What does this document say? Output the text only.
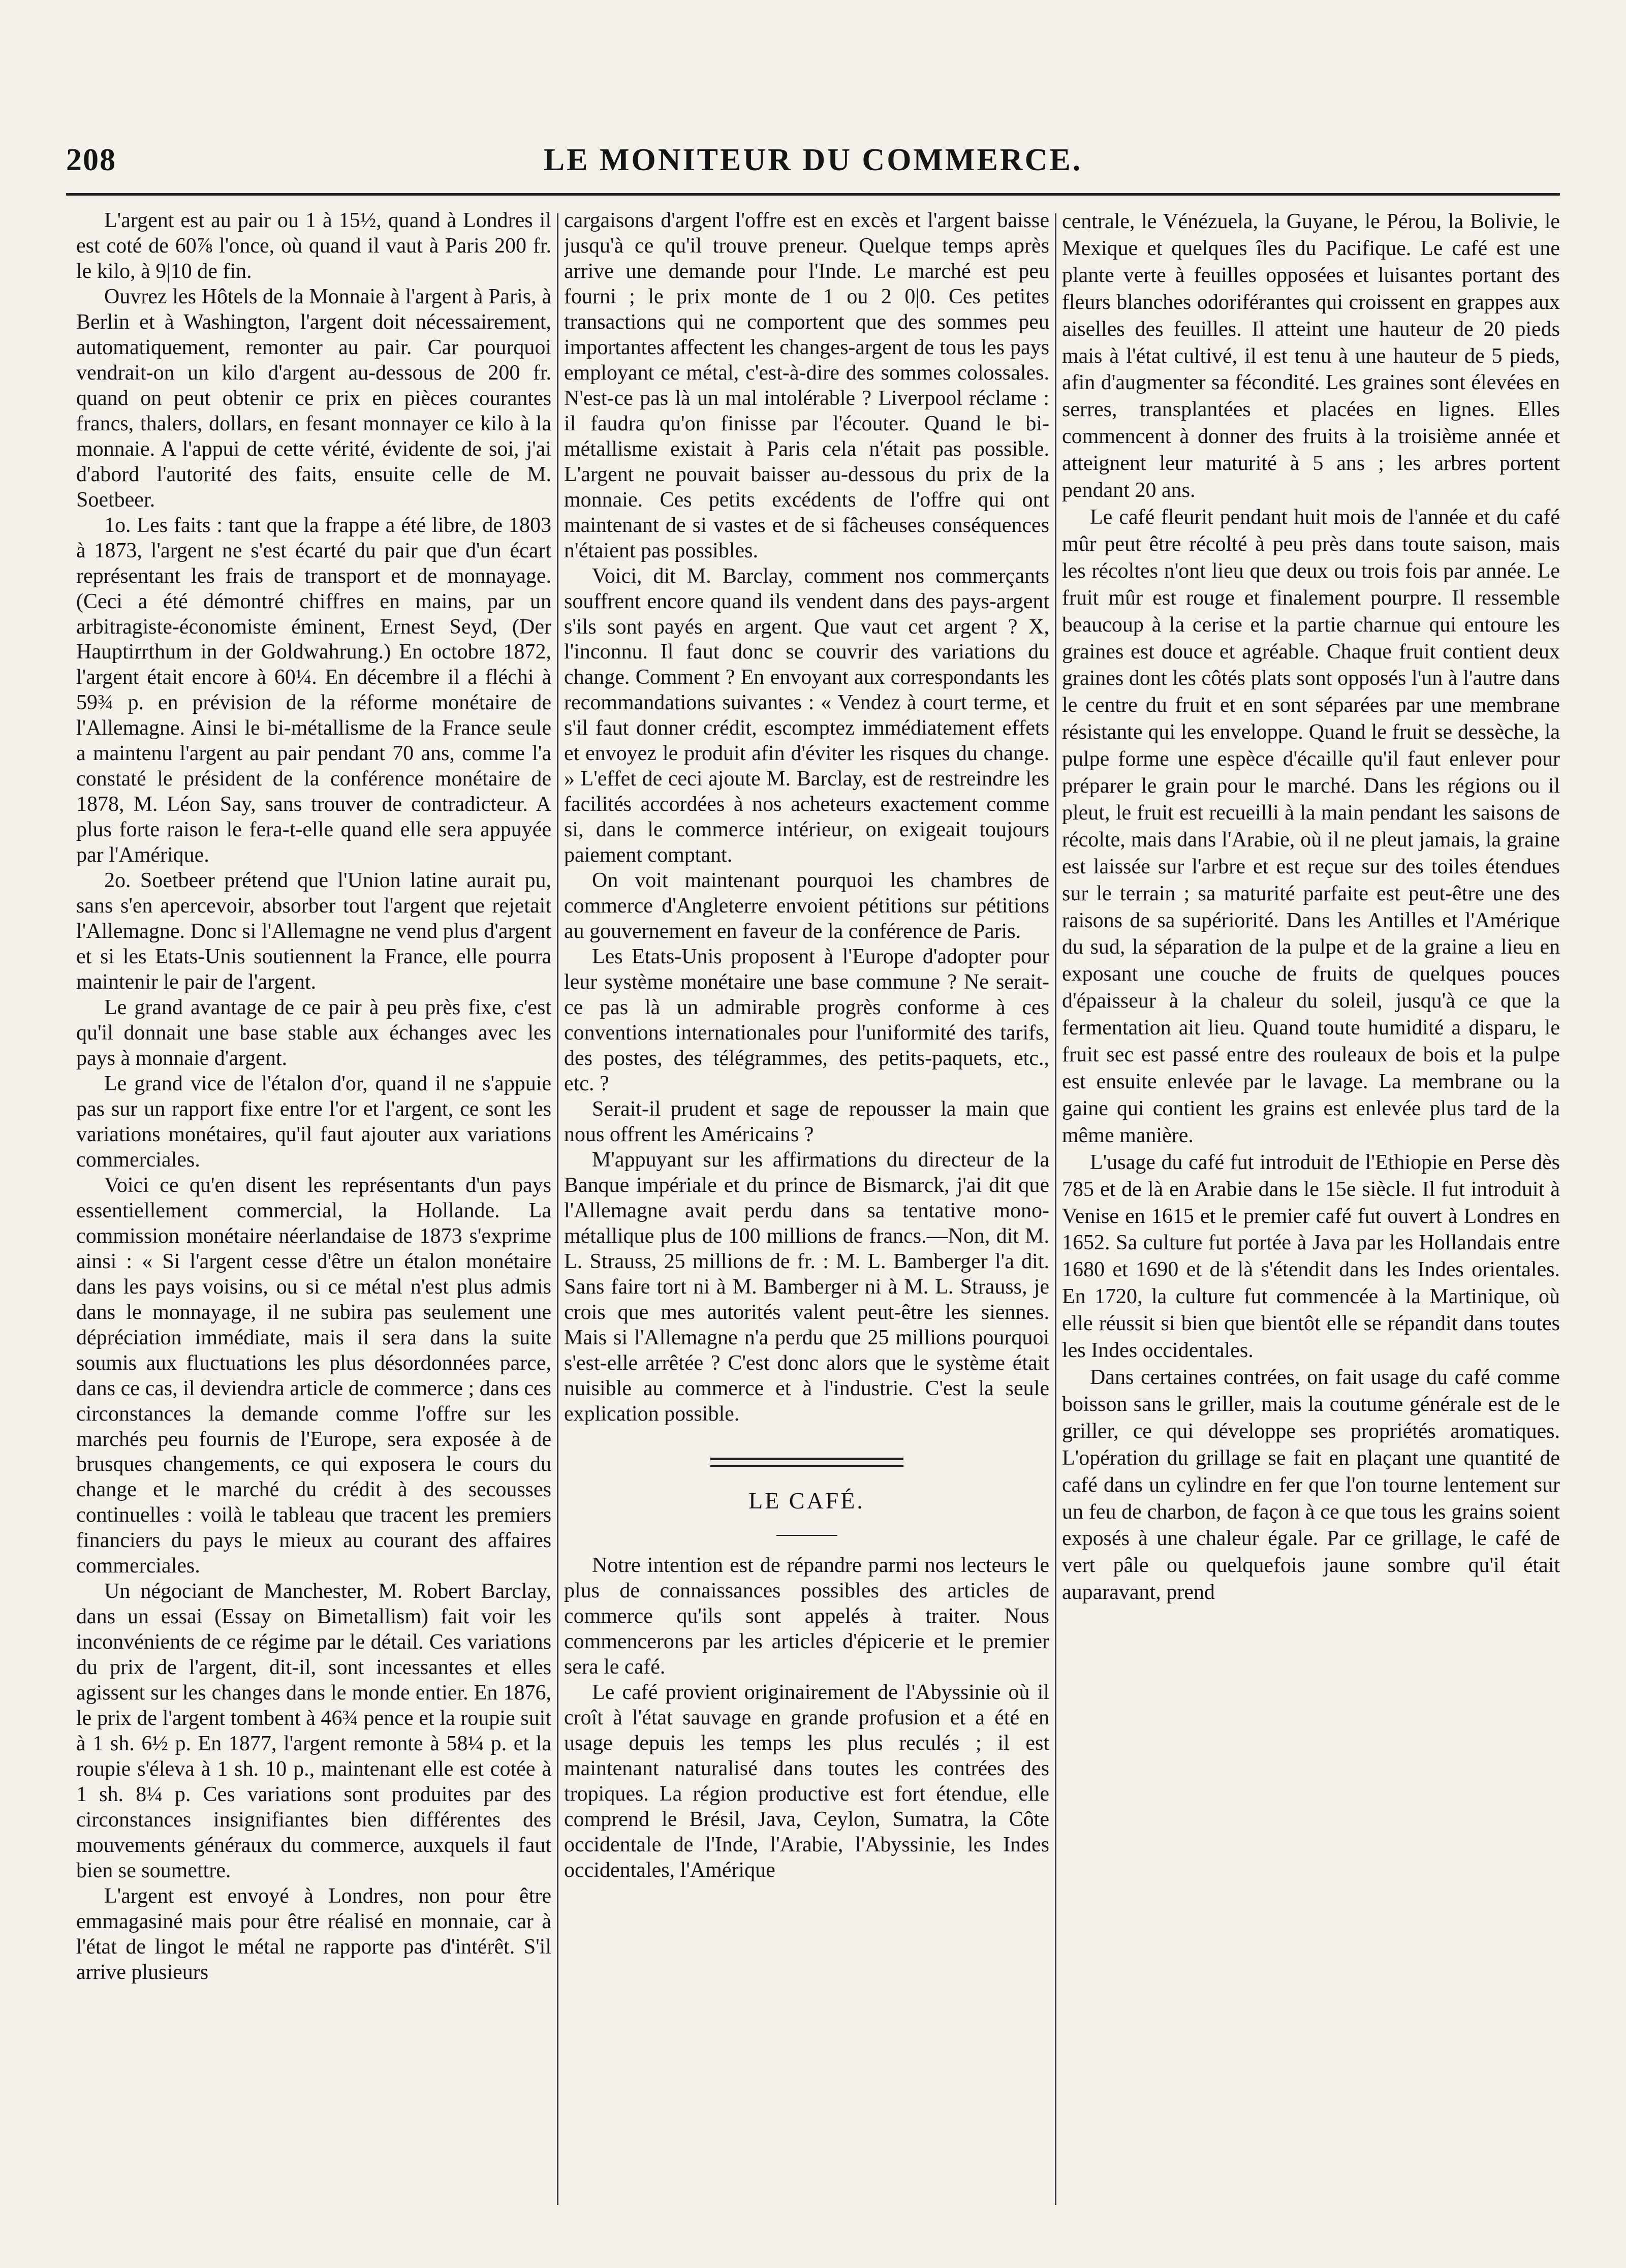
208	LE MONITEUR DU COMMERCE.

L'argent est au pair ou 1 à 15½, quand à Londres il est coté de 60⅞ l'once, où quand il vaut à Paris 200 fr. le kilo, à 9|10 de fin.

Ouvrez les Hôtels de la Monnaie à l'argent à Paris, à Berlin et à Washington, l'argent doit nécessairement, automatiquement, remonter au pair. Car pourquoi vendrait-on un kilo d'argent au-dessous de 200 fr. quand on peut obtenir ce prix en pièces courantes francs, thalers, dollars, en fesant monnayer ce kilo à la monnaie. A l'appui de cette vérité, évidente de soi, j'ai d'abord l'autorité des faits, ensuite celle de M. Soetbeer.

1o. Les faits : tant que la frappe a été libre, de 1803 à 1873, l'argent ne s'est écarté du pair que d'un écart représentant les frais de transport et de monnayage. (Ceci a été démontré chiffres en mains, par un arbitragiste-économiste éminent, Ernest Seyd, (Der Hauptirrthum in der Goldwahrung.) En octobre 1872, l'argent était encore à 60¼. En décembre il a fléchi à 59¾ p. en prévision de la réforme monétaire de l'Allemagne. Ainsi le bi-métallisme de la France seule a maintenu l'argent au pair pendant 70 ans, comme l'a constaté le président de la conférence monétaire de 1878, M. Léon Say, sans trouver de contradicteur. A plus forte raison le fera-t-elle quand elle sera appuyée par l'Amérique.

2o. Soetbeer prétend que l'Union latine aurait pu, sans s'en apercevoir, absorber tout l'argent que rejetait l'Allemagne. Donc si l'Allemagne ne vend plus d'argent et si les Etats-Unis soutiennent la France, elle pourra maintenir le pair de l'argent.

Le grand avantage de ce pair à peu près fixe, c'est qu'il donnait une base stable aux échanges avec les pays à monnaie d'argent.

Le grand vice de l'étalon d'or, quand il ne s'appuie pas sur un rapport fixe entre l'or et l'argent, ce sont les variations monétaires, qu'il faut ajouter aux variations commerciales.

Voici ce qu'en disent les représentants d'un pays essentiellement commercial, la Hollande. La commission monétaire néerlandaise de 1873 s'exprime ainsi : « Si l'argent cesse d'être un étalon monétaire dans les pays voisins, ou si ce métal n'est plus admis dans le monnayage, il ne subira pas seulement une dépréciation immédiate, mais il sera dans la suite soumis aux fluctuations les plus désordonnées parce, dans ce cas, il deviendra article de commerce ; dans ces circonstances la demande comme l'offre sur les marchés peu fournis de l'Europe, sera exposée à de brusques changements, ce qui exposera le cours du change et le marché du crédit à des secousses continuelles : voilà le tableau que tracent les premiers financiers du pays le mieux au courant des affaires commerciales.

Un négociant de Manchester, M. Robert Barclay, dans un essai (Essay on Bimetallism) fait voir les inconvénients de ce régime par le détail. Ces variations du prix de l'argent, dit-il, sont incessantes et elles agissent sur les changes dans le monde entier. En 1876, le prix de l'argent tombent à 46¾ pence et la roupie suit à 1 sh. 6½ p. En 1877, l'argent remonte à 58¼ p. et la roupie s'éleva à 1 sh. 10 p., maintenant elle est cotée à 1 sh. 8¼ p. Ces variations sont produites par des circonstances insignifiantes bien différentes des mouvements généraux du commerce, auxquels il faut bien se soumettre.

L'argent est envoyé à Londres, non pour être emmagasiné mais pour être réalisé en monnaie, car à l'état de lingot le métal ne rapporte pas d'intérêt. S'il arrive plusieurs

cargaisons d'argent l'offre est en excès et l'argent baisse jusqu'à ce qu'il trouve preneur. Quelque temps après arrive une demande pour l'Inde. Le marché est peu fourni ; le prix monte de 1 ou 2 0|0. Ces petites transactions qui ne comportent que des sommes peu importantes affectent les changes-argent de tous les pays employant ce métal, c'est-à-dire des sommes colossales. N'est-ce pas là un mal intolérable ? Liverpool réclame : il faudra qu'on finisse par l'écouter. Quand le bi-métallisme existait à Paris cela n'était pas possible. L'argent ne pouvait baisser au-dessous du prix de la monnaie. Ces petits excédents de l'offre qui ont maintenant de si vastes et de si fâcheuses conséquences n'étaient pas possibles.

Voici, dit M. Barclay, comment nos commerçants souffrent encore quand ils vendent dans des pays-argent s'ils sont payés en argent. Que vaut cet argent ? X, l'inconnu. Il faut donc se couvrir des variations du change. Comment ? En envoyant aux correspondants les recommandations suivantes : « Vendez à court terme, et s'il faut donner crédit, escomptez immédiatement effets et envoyez le produit afin d'éviter les risques du change. » L'effet de ceci ajoute M. Barclay, est de restreindre les facilités accordées à nos acheteurs exactement comme si, dans le commerce intérieur, on exigeait toujours paiement comptant.

On voit maintenant pourquoi les chambres de commerce d'Angleterre envoient pétitions sur pétitions au gouvernement en faveur de la conférence de Paris.

Les Etats-Unis proposent à l'Europe d'adopter pour leur système monétaire une base commune ? Ne serait-ce pas là un admirable progrès conforme à ces conventions internationales pour l'uniformité des tarifs, des postes, des télégrammes, des petits-paquets, etc., etc. ?

Serait-il prudent et sage de repousser la main que nous offrent les Américains ?

M'appuyant sur les affirmations du directeur de la Banque impériale et du prince de Bismarck, j'ai dit que l'Allemagne avait perdu dans sa tentative mono-métallique plus de 100 millions de francs.—Non, dit M. L. Strauss, 25 millions de fr. : M. L. Bamberger l'a dit. Sans faire tort ni à M. Bamberger ni à M. L. Strauss, je crois que mes autorités valent peut-être les siennes. Mais si l'Allemagne n'a perdu que 25 millions pourquoi s'est-elle arrêtée ? C'est donc alors que le système était nuisible au commerce et à l'industrie. C'est la seule explication possible.

LE CAFÉ.

Notre intention est de répandre parmi nos lecteurs le plus de connaissances possibles des articles de commerce qu'ils sont appelés à traiter. Nous commencerons par les articles d'épicerie et le premier sera le café.

Le café provient originairement de l'Abyssinie où il croît à l'état sauvage en grande profusion et a été en usage depuis les temps les plus reculés ; il est maintenant naturalisé dans toutes les contrées des tropiques. La région productive est fort étendue, elle comprend le Brésil, Java, Ceylon, Sumatra, la Côte occidentale de l'Inde, l'Arabie, l'Abyssinie, les Indes occidentales, l'Amérique

centrale, le Vénézuela, la Guyane, le Pérou, la Bolivie, le Mexique et quelques îles du Pacifique. Le café est une plante verte à feuilles opposées et luisantes portant des fleurs blanches odoriférantes qui croissent en grappes aux aiselles des feuilles. Il atteint une hauteur de 20 pieds mais à l'état cultivé, il est tenu à une hauteur de 5 pieds, afin d'augmenter sa fécondité. Les graines sont élevées en serres, transplantées et placées en lignes. Elles commencent à donner des fruits à la troisième année et atteignent leur maturité à 5 ans ; les arbres portent pendant 20 ans.

Le café fleurit pendant huit mois de l'année et du café mûr peut être récolté à peu près dans toute saison, mais les récoltes n'ont lieu que deux ou trois fois par année. Le fruit mûr est rouge et finalement pourpre. Il ressemble beaucoup à la cerise et la partie charnue qui entoure les graines est douce et agréable. Chaque fruit contient deux graines dont les côtés plats sont opposés l'un à l'autre dans le centre du fruit et en sont séparées par une membrane résistante qui les enveloppe. Quand le fruit se dessèche, la pulpe forme une espèce d'écaille qu'il faut enlever pour préparer le grain pour le marché. Dans les régions ou il pleut, le fruit est recueilli à la main pendant les saisons de récolte, mais dans l'Arabie, où il ne pleut jamais, la graine est laissée sur l'arbre et est reçue sur des toiles étendues sur le terrain ; sa maturité parfaite est peut-être une des raisons de sa supériorité. Dans les Antilles et l'Amérique du sud, la séparation de la pulpe et de la graine a lieu en exposant une couche de fruits de quelques pouces d'épaisseur à la chaleur du soleil, jusqu'à ce que la fermentation ait lieu. Quand toute humidité a disparu, le fruit sec est passé entre des rouleaux de bois et la pulpe est ensuite enlevée par le lavage. La membrane ou la gaine qui contient les grains est enlevée plus tard de la même manière.

L'usage du café fut introduit de l'Ethiopie en Perse dès 785 et de là en Arabie dans le 15e siècle. Il fut introduit à Venise en 1615 et le premier café fut ouvert à Londres en 1652. Sa culture fut portée à Java par les Hollandais entre 1680 et 1690 et de là s'étendit dans les Indes orientales. En 1720, la culture fut commencée à la Martinique, où elle réussit si bien que bientôt elle se répandit dans toutes les Indes occidentales.

Dans certaines contrées, on fait usage du café comme boisson sans le griller, mais la coutume générale est de le griller, ce qui développe ses propriétés aromatiques. L'opération du grillage se fait en plaçant une quantité de café dans un cylindre en fer que l'on tourne lentement sur un feu de charbon, de façon à ce que tous les grains soient exposés à une chaleur égale. Par ce grillage, le café de vert pâle ou quelquefois jaune sombre qu'il était auparavant, prend
